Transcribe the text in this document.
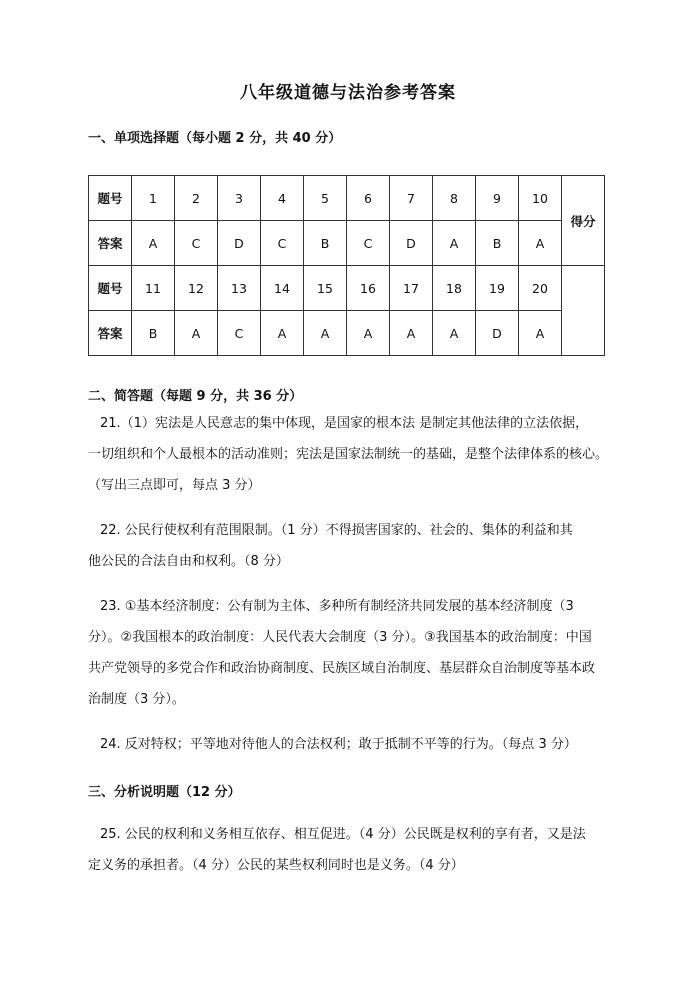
八年级道德与法治参考答案
一、单项选择题（每小题 2 分，共 40 分）
题号	1	2	3	4	5	6	7	8	9	10	得分
答案	A	C	D	C	B	C	D	A	B	A	
题号	11	12	13	14	15	16	17	18	19	20	
答案	B	A	C	A	A	A	A	A	D	A	
二、简答题（每题 9 分，共 36 分）
21.（1）宪法是人民意志的集中体现，是国家的根本法 是制定其他法律的立法依据，
一切组织和个人最根本的活动准则；宪法是国家法制统一的基础，是整个法律体系的核心。
（写出三点即可，每点 3 分）
22. 公民行使权利有范围限制。（1 分）不得损害国家的、社会的、集体的利益和其
他公民的合法自由和权利。（8 分）
23. ①基本经济制度：公有制为主体、多种所有制经济共同发展的基本经济制度（3
分）。②我国根本的政治制度：人民代表大会制度（3 分）。③我国基本的政治制度：中国
共产党领导的多党合作和政治协商制度、民族区域自治制度、基层群众自治制度等基本政
治制度（3 分）。
24. 反对特权；平等地对待他人的合法权利；敢于抵制不平等的行为。（每点 3 分）
三、分析说明题（12 分）
25. 公民的权利和义务相互依存、相互促进。（4 分）公民既是权利的享有者，又是法
定义务的承担者。（4 分）公民的某些权利同时也是义务。（4 分）
